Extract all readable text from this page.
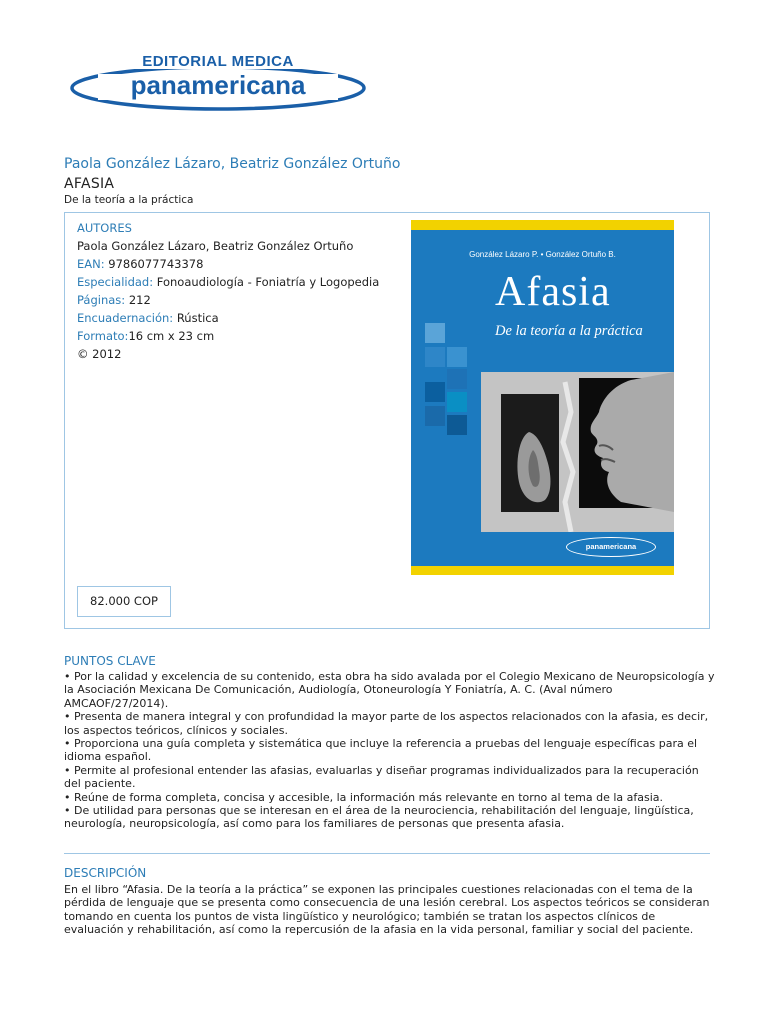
EDITORIAL MEDICA
panamericana
Paola González Lázaro, Beatriz González Ortuño
AFASIA
De la teoría a la práctica
AUTORES
Paola González Lázaro, Beatriz González Ortuño
EAN: 9786077743378
Especialidad: Fonoaudiología - Foniatría y Logopedia
Páginas: 212
Encuadernación: Rústica
Formato:16 cm x 23 cm
© 2012
82.000 COP
González Lázaro P. • González Ortuño B.
Afasia
De la teoría a la práctica
panamericana
PUNTOS CLAVE

• Por la calidad y excelencia de su contenido, esta obra ha sido avalada por el Colegio Mexicano de Neuropsicología y la Asociación Mexicana De Comunicación, Audiología, Otoneurología Y Foniatría, A. C. (Aval número AMCAOF/27/2014).

• Presenta de manera integral y con profundidad la mayor parte de los aspectos relacionados con la afasia, es decir, los aspectos teóricos, clínicos y sociales.

• Proporciona una guía completa y sistemática que incluye la referencia a pruebas del lenguaje específicas para el idioma español.

• Permite al profesional entender las afasias, evaluarlas y diseñar programas individualizados para la recuperación del paciente.

• Reúne de forma completa, concisa y accesible, la información más relevante en torno al tema de la afasia.

• De utilidad para personas que se interesan en el área de la neurociencia, rehabilitación del lenguaje, lingüística, neurología, neuropsicología, así como para los familiares de personas que presenta afasia.

DESCRIPCIÓN
En el libro “Afasia. De la teoría a la práctica” se exponen las principales cuestiones relacionadas con el tema de la pérdida de lenguaje que se presenta como consecuencia de una lesión cerebral. Los aspectos teóricos se consideran tomando en cuenta los puntos de vista lingüístico y neurológico; también se tratan los aspectos clínicos de evaluación y rehabilitación, así como la repercusión de la afasia en la vida personal, familiar y social del paciente.
